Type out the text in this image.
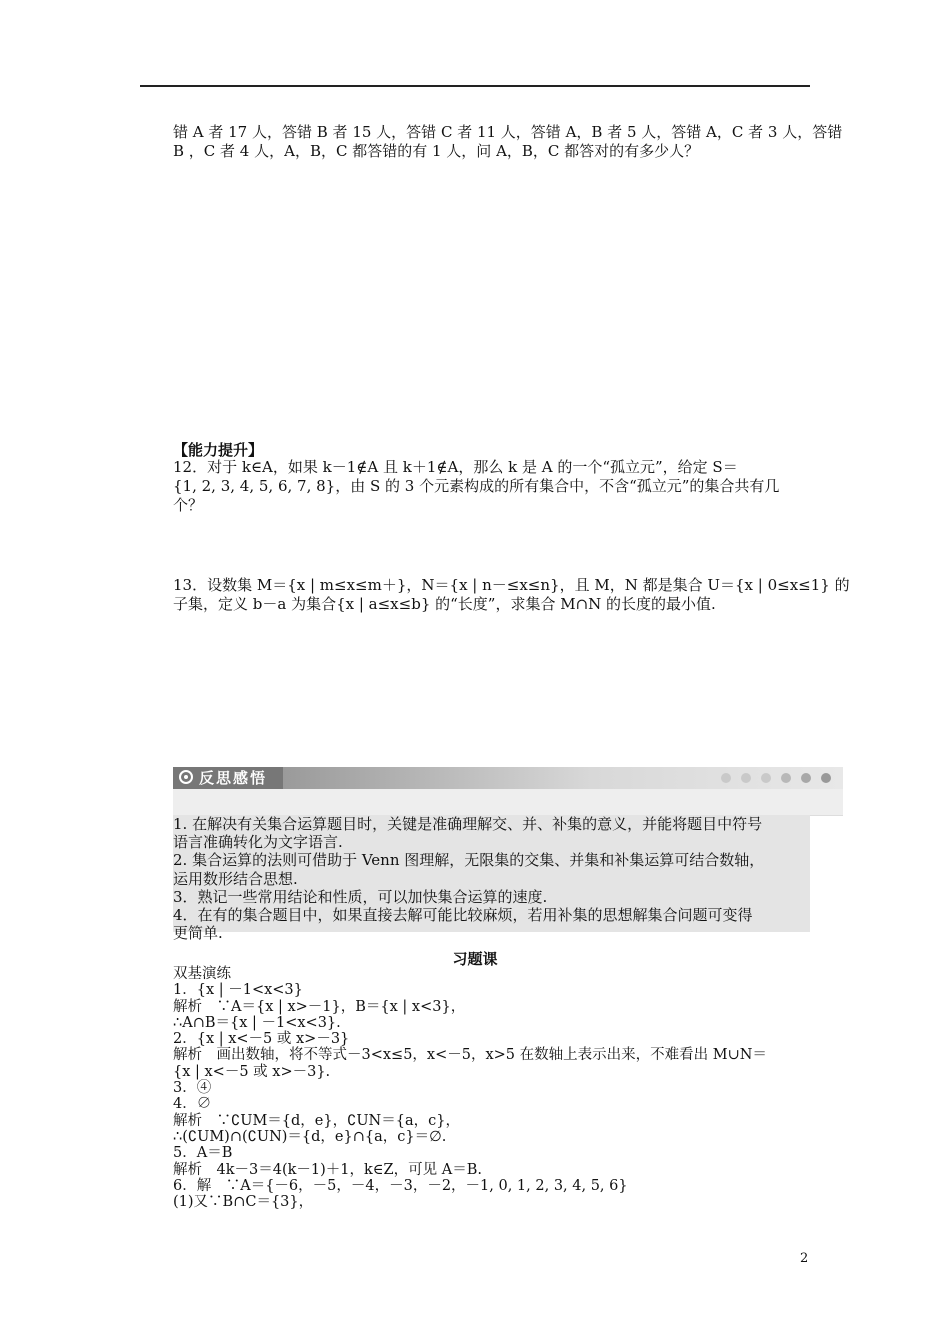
错 A 者 17 人，答错 B 者 15 人，答错 C 者 11 人，答错 A，B 者 5 人，答错 A，C 者 3 人，答错
B ，C 者 4 人，A，B，C 都答错的有 1 人，问 A，B，C 都答对的有多少人？
【能力提升】
12．对于 k∈A，如果 k－1∉A 且 k＋1∉A，那么 k 是 A 的一个“孤立元”，给定 S＝
{1, 2, 3, 4, 5, 6, 7, 8}，由 S 的 3 个元素构成的所有集合中，不含“孤立元”的集合共有几
个？
13．设数集 M＝{x | m≤x≤m＋}，N＝{x | n－≤x≤n}，且 M，N 都是集合 U＝{x | 0≤x≤1} 的
子集，定义 b－a 为集合{x | a≤x≤b} 的“长度”，求集合 M∩N 的长度的最小值.
反思感悟
1. 在解决有关集合运算题目时，关键是准确理解交、并、补集的意义，并能将题目中符号
语言准确转化为文字语言.
2. 集合运算的法则可借助于 Venn 图理解，无限集的交集、并集和补集运算可结合数轴，
运用数形结合思想.
3．熟记一些常用结论和性质，可以加快集合运算的速度.
4．在有的集合题目中，如果直接去解可能比较麻烦，若用补集的思想解集合问题可变得
更简单.
习题课
双基演练
1．{x | －1<x<3}
解析　∵A＝{x | x>－1}，B＝{x | x<3}，
∴A∩B＝{x | －1<x<3}.
2．{x | x<－5 或 x>－3}
解析　画出数轴，将不等式－3<x≤5，x<－5，x>5 在数轴上表示出来，不难看出 M∪N＝
{x | x<－5 或 x>－3}.
3．④
4．∅
解析　∵∁UM＝{d，e}，∁UN＝{a，c}，
∴(∁UM)∩(∁UN)＝{d，e}∩{a，c}＝∅.
5．A＝B
解析　4k－3＝4(k－1)＋1，k∈Z，可见 A＝B.
6．解　∵A＝{－6，－5，－4，－3，－2，－1, 0, 1, 2, 3, 4, 5, 6}
(1)又∵B∩C＝{3}，
2
